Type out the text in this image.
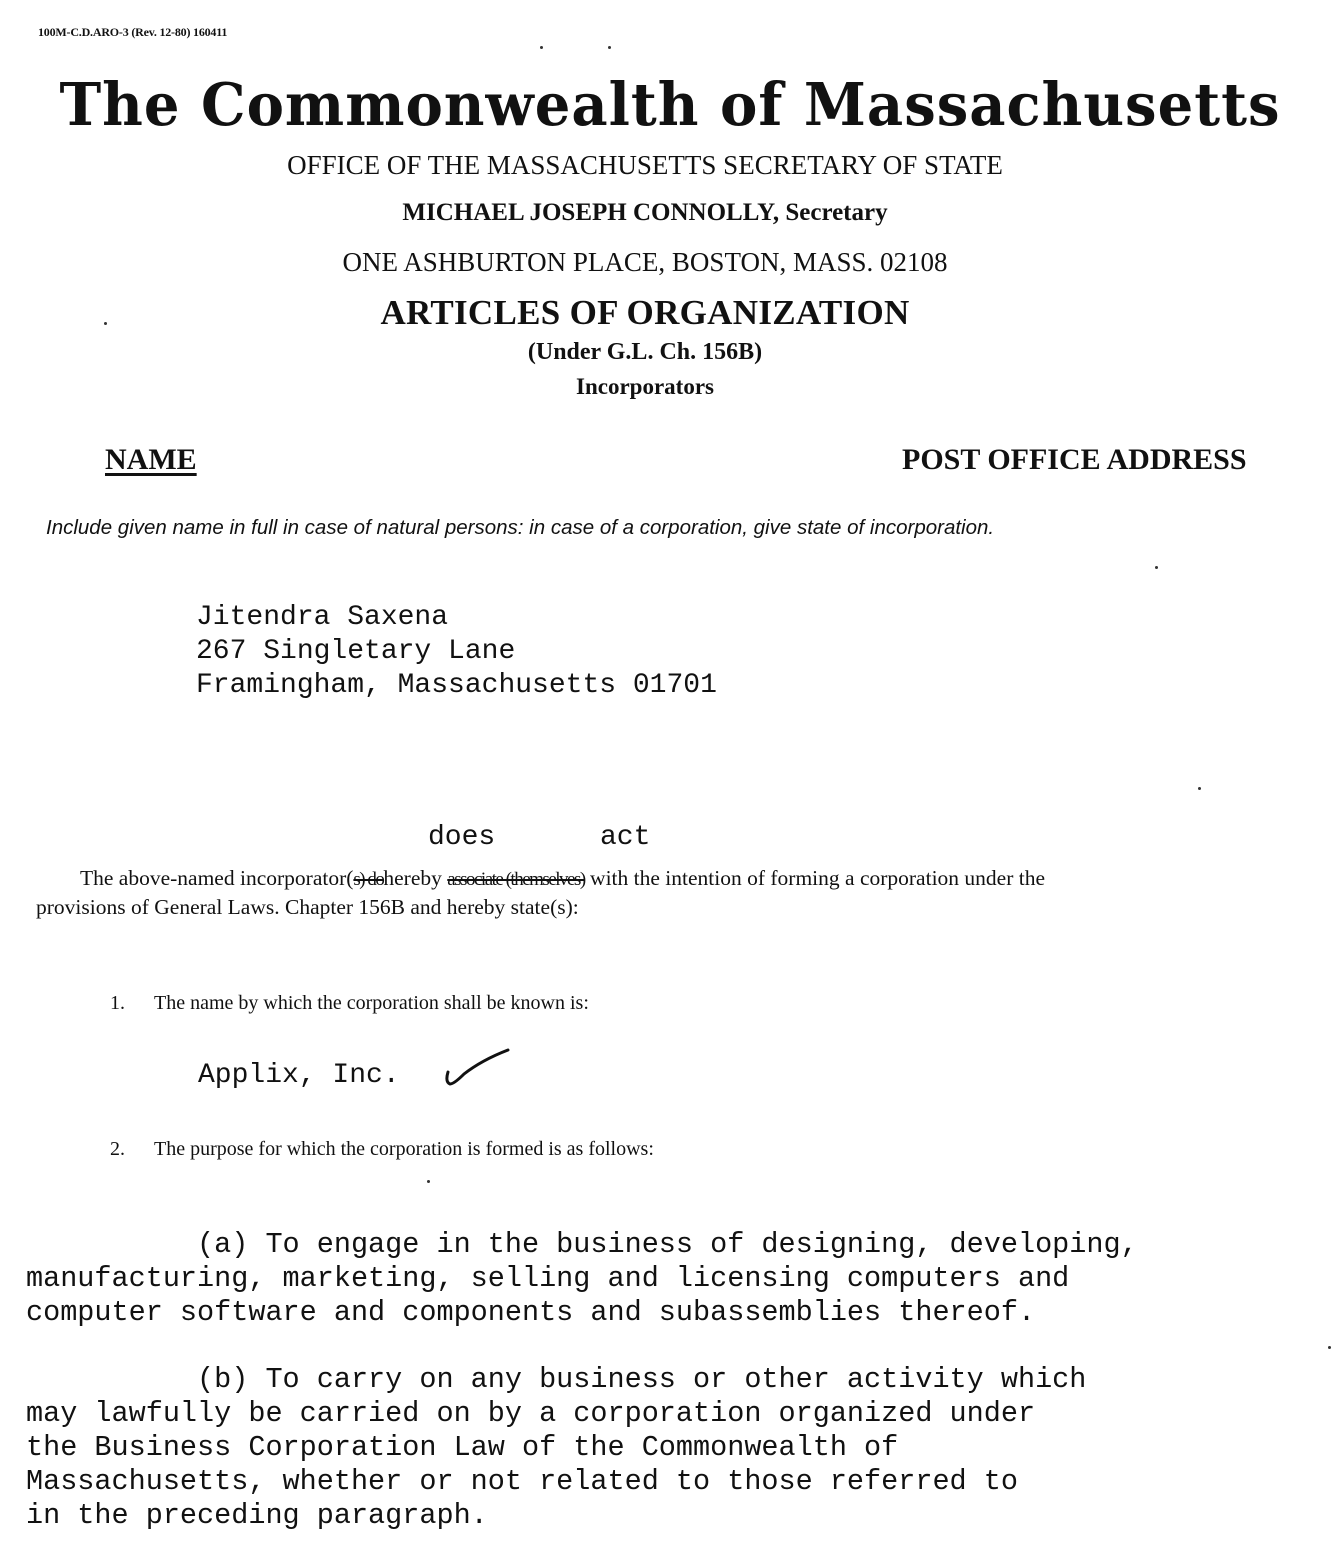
100M-C.D.ARO-3 (Rev. 12-80) 160411
The Commonwealth of Massachusetts
OFFICE OF THE MASSACHUSETTS SECRETARY OF STATE
MICHAEL JOSEPH CONNOLLY, Secretary
ONE ASHBURTON PLACE, BOSTON, MASS. 02108
ARTICLES OF ORGANIZATION
(Under G.L. Ch. 156B)
Incorporators
NAME	POST OFFICE ADDRESS
Include given name in full in case of natural persons: in case of a corporation, give state of incorporation.
Jitendra Saxena
267 Singletary Lane
Framingham, Massachusetts 01701
does	act
The above-named incorporator(s) dohereby associate (themselves) with the intention of forming a corporation under the
provisions of General Laws. Chapter 156B and hereby state(s):
1. The name by which the corporation shall be known is:
Applix, Inc.
2. The purpose for which the corporation is formed is as follows:
(a) To engage in the business of designing, developing,
manufacturing, marketing, selling and licensing computers and
computer software and components and subassemblies thereof.
(b) To carry on any business or other activity which
may lawfully be carried on by a corporation organized under
the Business Corporation Law of the Commonwealth of
Massachusetts, whether or not related to those referred to
in the preceding paragraph.
